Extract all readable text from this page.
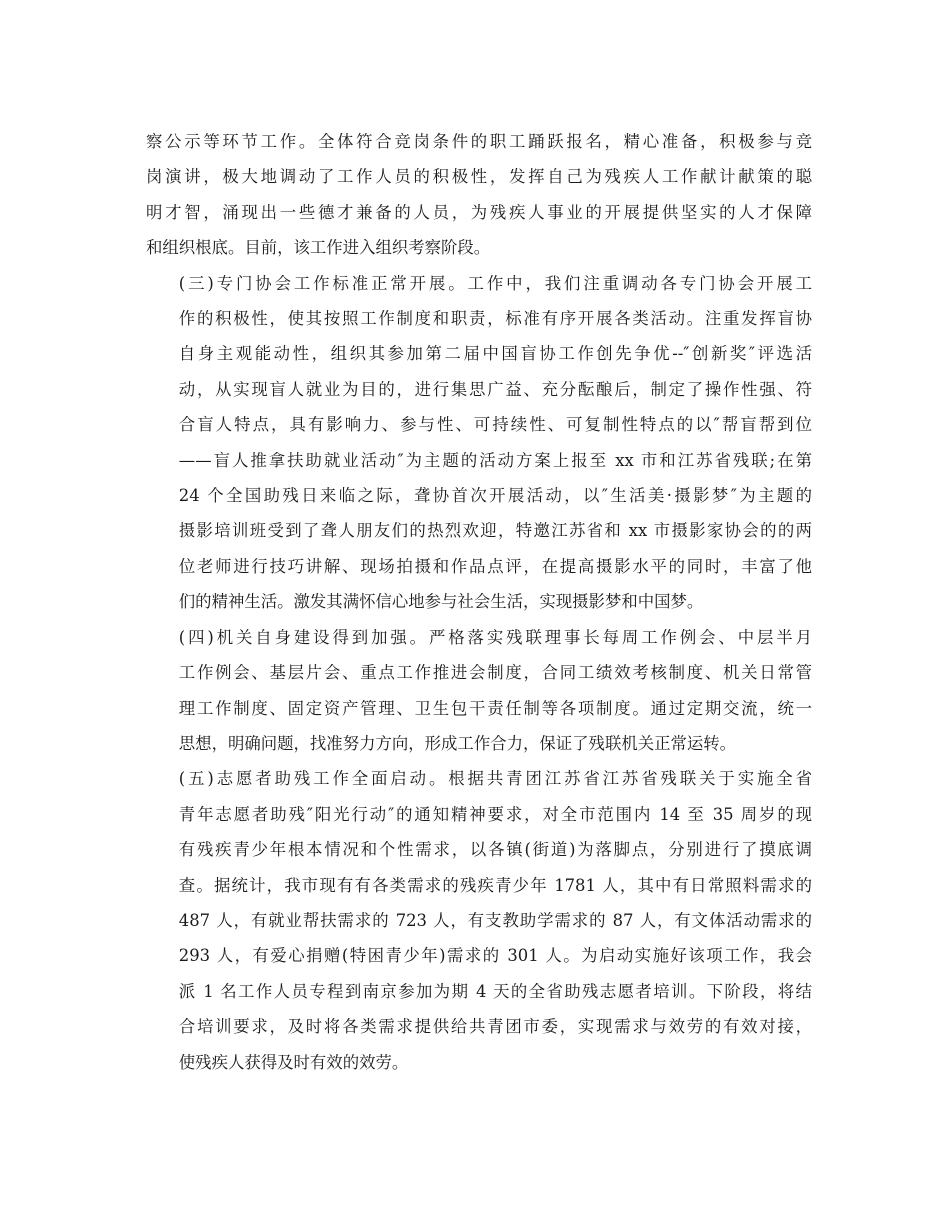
察公示等环节工作。全体符合竞岗条件的职工踊跃报名，精心准备，积极参与竞
岗演讲，极大地调动了工作人员的积极性，发挥自己为残疾人工作献计献策的聪
明才智，涌现出一些德才兼备的人员，为残疾人事业的开展提供坚实的人才保障
和组织根底。目前，该工作进入组织考察阶段。
(三)专门协会工作标准正常开展。工作中，我们注重调动各专门协会开展工
作的积极性，使其按照工作制度和职责，标准有序开展各类活动。注重发挥盲协
自身主观能动性，组织其参加第二届中国盲协工作创先争优--″创新奖″评选活
动，从实现盲人就业为目的，进行集思广益、充分酝酿后，制定了操作性强、符
合盲人特点，具有影响力、参与性、可持续性、可复制性特点的以″帮盲帮到位
——盲人推拿扶助就业活动″为主题的活动方案上报至 xx 市和江苏省残联;在第
24 个全国助残日来临之际，聋协首次开展活动，以″生活美·摄影梦″为主题的
摄影培训班受到了聋人朋友们的热烈欢迎，特邀江苏省和 xx 市摄影家协会的的两
位老师进行技巧讲解、现场拍摄和作品点评，在提高摄影水平的同时，丰富了他
们的精神生活。激发其满怀信心地参与社会生活，实现摄影梦和中国梦。
(四)机关自身建设得到加强。严格落实残联理事长每周工作例会、中层半月
工作例会、基层片会、重点工作推进会制度，合同工绩效考核制度、机关日常管
理工作制度、固定资产管理、卫生包干责任制等各项制度。通过定期交流，统一
思想，明确问题，找准努力方向，形成工作合力，保证了残联机关正常运转。
(五)志愿者助残工作全面启动。根据共青团江苏省江苏省残联关于实施全省
青年志愿者助残″阳光行动″的通知精神要求，对全市范围内 14 至 35 周岁的现
有残疾青少年根本情况和个性需求，以各镇(街道)为落脚点，分别进行了摸底调
查。据统计，我市现有有各类需求的残疾青少年 1781 人，其中有日常照料需求的
487 人，有就业帮扶需求的 723 人，有支教助学需求的 87 人，有文体活动需求的
293 人，有爱心捐赠(特困青少年)需求的 301 人。为启动实施好该项工作，我会
派 1 名工作人员专程到南京参加为期 4 天的全省助残志愿者培训。下阶段，将结
合培训要求，及时将各类需求提供给共青团市委，实现需求与效劳的有效对接，
使残疾人获得及时有效的效劳。
